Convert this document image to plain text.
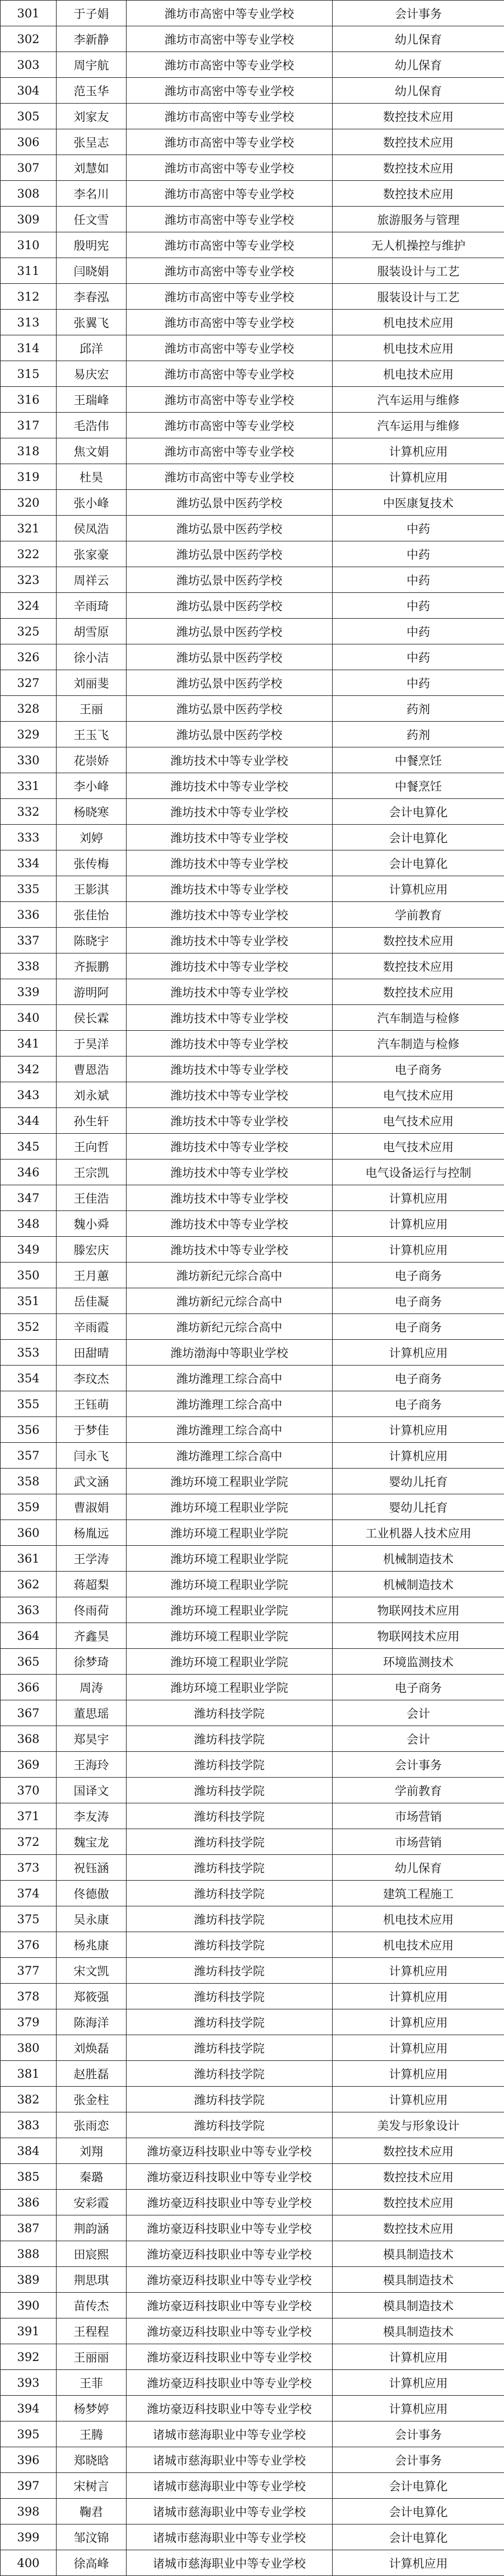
301	于子娟	潍坊市高密中等专业学校	会计事务
302	李新静	潍坊市高密中等专业学校	幼儿保育
303	周宇航	潍坊市高密中等专业学校	幼儿保育
304	范玉华	潍坊市高密中等专业学校	幼儿保育
305	刘家友	潍坊市高密中等专业学校	数控技术应用
306	张呈志	潍坊市高密中等专业学校	数控技术应用
307	刘慧如	潍坊市高密中等专业学校	数控技术应用
308	李名川	潍坊市高密中等专业学校	数控技术应用
309	任文雪	潍坊市高密中等专业学校	旅游服务与管理
310	殷明宪	潍坊市高密中等专业学校	无人机操控与维护
311	闫晓娟	潍坊市高密中等专业学校	服装设计与工艺
312	李春泓	潍坊市高密中等专业学校	服装设计与工艺
313	张翼飞	潍坊市高密中等专业学校	机电技术应用
314	邱洋	潍坊市高密中等专业学校	机电技术应用
315	易庆宏	潍坊市高密中等专业学校	机电技术应用
316	王瑞峰	潍坊市高密中等专业学校	汽车运用与维修
317	毛浩伟	潍坊市高密中等专业学校	汽车运用与维修
318	焦文娟	潍坊市高密中等专业学校	计算机应用
319	杜昊	潍坊市高密中等专业学校	计算机应用
320	张小峰	潍坊弘景中医药学校	中医康复技术
321	侯凤浩	潍坊弘景中医药学校	中药
322	张家豪	潍坊弘景中医药学校	中药
323	周祥云	潍坊弘景中医药学校	中药
324	辛雨琦	潍坊弘景中医药学校	中药
325	胡雪原	潍坊弘景中医药学校	中药
326	徐小洁	潍坊弘景中医药学校	中药
327	刘丽斐	潍坊弘景中医药学校	中药
328	王丽	潍坊弘景中医药学校	药剂
329	王玉飞	潍坊弘景中医药学校	药剂
330	花崇娇	潍坊技术中等专业学校	中餐烹饪
331	李小峰	潍坊技术中等专业学校	中餐烹饪
332	杨晓寒	潍坊技术中等专业学校	会计电算化
333	刘婷	潍坊技术中等专业学校	会计电算化
334	张传梅	潍坊技术中等专业学校	会计电算化
335	王影淇	潍坊技术中等专业学校	计算机应用
336	张佳怡	潍坊技术中等专业学校	学前教育
337	陈晓宇	潍坊技术中等专业学校	数控技术应用
338	齐振鹏	潍坊技术中等专业学校	数控技术应用
339	游明阿	潍坊技术中等专业学校	数控技术应用
340	侯长霖	潍坊技术中等专业学校	汽车制造与检修
341	于昊洋	潍坊技术中等专业学校	汽车制造与检修
342	曹恩浩	潍坊技术中等专业学校	电子商务
343	刘永斌	潍坊技术中等专业学校	电气技术应用
344	孙生轩	潍坊技术中等专业学校	电气技术应用
345	王向哲	潍坊技术中等专业学校	电气技术应用
346	王宗凯	潍坊技术中等专业学校	电气设备运行与控制
347	王佳浩	潍坊技术中等专业学校	计算机应用
348	魏小舜	潍坊技术中等专业学校	计算机应用
349	滕宏庆	潍坊技术中等专业学校	计算机应用
350	王月蕙	潍坊新纪元综合高中	电子商务
351	岳佳凝	潍坊新纪元综合高中	电子商务
352	辛雨霞	潍坊新纪元综合高中	电子商务
353	田甜晴	潍坊渤海中等职业学校	计算机应用
354	李玟杰	潍坊潍理工综合高中	电子商务
355	王钰萌	潍坊潍理工综合高中	电子商务
356	于梦佳	潍坊潍理工综合高中	计算机应用
357	闫永飞	潍坊潍理工综合高中	计算机应用
358	武文涵	潍坊环境工程职业学院	婴幼儿托育
359	曹淑娟	潍坊环境工程职业学院	婴幼儿托育
360	杨胤远	潍坊环境工程职业学院	工业机器人技术应用
361	王学涛	潍坊环境工程职业学院	机械制造技术
362	蒋超梨	潍坊环境工程职业学院	机械制造技术
363	佟雨荷	潍坊环境工程职业学院	物联网技术应用
364	齐鑫昊	潍坊环境工程职业学院	物联网技术应用
365	徐梦琦	潍坊环境工程职业学院	环境监测技术
366	周涛	潍坊环境工程职业学院	电子商务
367	董思瑶	潍坊科技学院	会计
368	郑昊宇	潍坊科技学院	会计
369	王海玲	潍坊科技学院	会计事务
370	国译文	潍坊科技学院	学前教育
371	李友涛	潍坊科技学院	市场营销
372	魏宝龙	潍坊科技学院	市场营销
373	祝钰涵	潍坊科技学院	幼儿保育
374	佟德傲	潍坊科技学院	建筑工程施工
375	吴永康	潍坊科技学院	机电技术应用
376	杨兆康	潍坊科技学院	机电技术应用
377	宋文凯	潍坊科技学院	计算机应用
378	郑筱强	潍坊科技学院	计算机应用
379	陈海洋	潍坊科技学院	计算机应用
380	刘焕磊	潍坊科技学院	计算机应用
381	赵胜磊	潍坊科技学院	计算机应用
382	张金柱	潍坊科技学院	计算机应用
383	张雨恋	潍坊科技学院	美发与形象设计
384	刘翔	潍坊豪迈科技职业中等专业学校	数控技术应用
385	秦璐	潍坊豪迈科技职业中等专业学校	数控技术应用
386	安彩霞	潍坊豪迈科技职业中等专业学校	数控技术应用
387	荆韵涵	潍坊豪迈科技职业中等专业学校	数控技术应用
388	田宸熙	潍坊豪迈科技职业中等专业学校	模具制造技术
389	荆思琪	潍坊豪迈科技职业中等专业学校	模具制造技术
390	苗传杰	潍坊豪迈科技职业中等专业学校	模具制造技术
391	王程程	潍坊豪迈科技职业中等专业学校	模具制造技术
392	王丽丽	潍坊豪迈科技职业中等专业学校	计算机应用
393	王菲	潍坊豪迈科技职业中等专业学校	计算机应用
394	杨梦婷	潍坊豪迈科技职业中等专业学校	计算机应用
395	王腾	诸城市慈海职业中等专业学校	会计事务
396	郑晓晗	诸城市慈海职业中等专业学校	会计事务
397	宋树言	诸城市慈海职业中等专业学校	会计电算化
398	鞠君	诸城市慈海职业中等专业学校	会计电算化
399	邹汶锦	诸城市慈海职业中等专业学校	会计电算化
400	徐高峰	诸城市慈海职业中等专业学校	计算机应用
